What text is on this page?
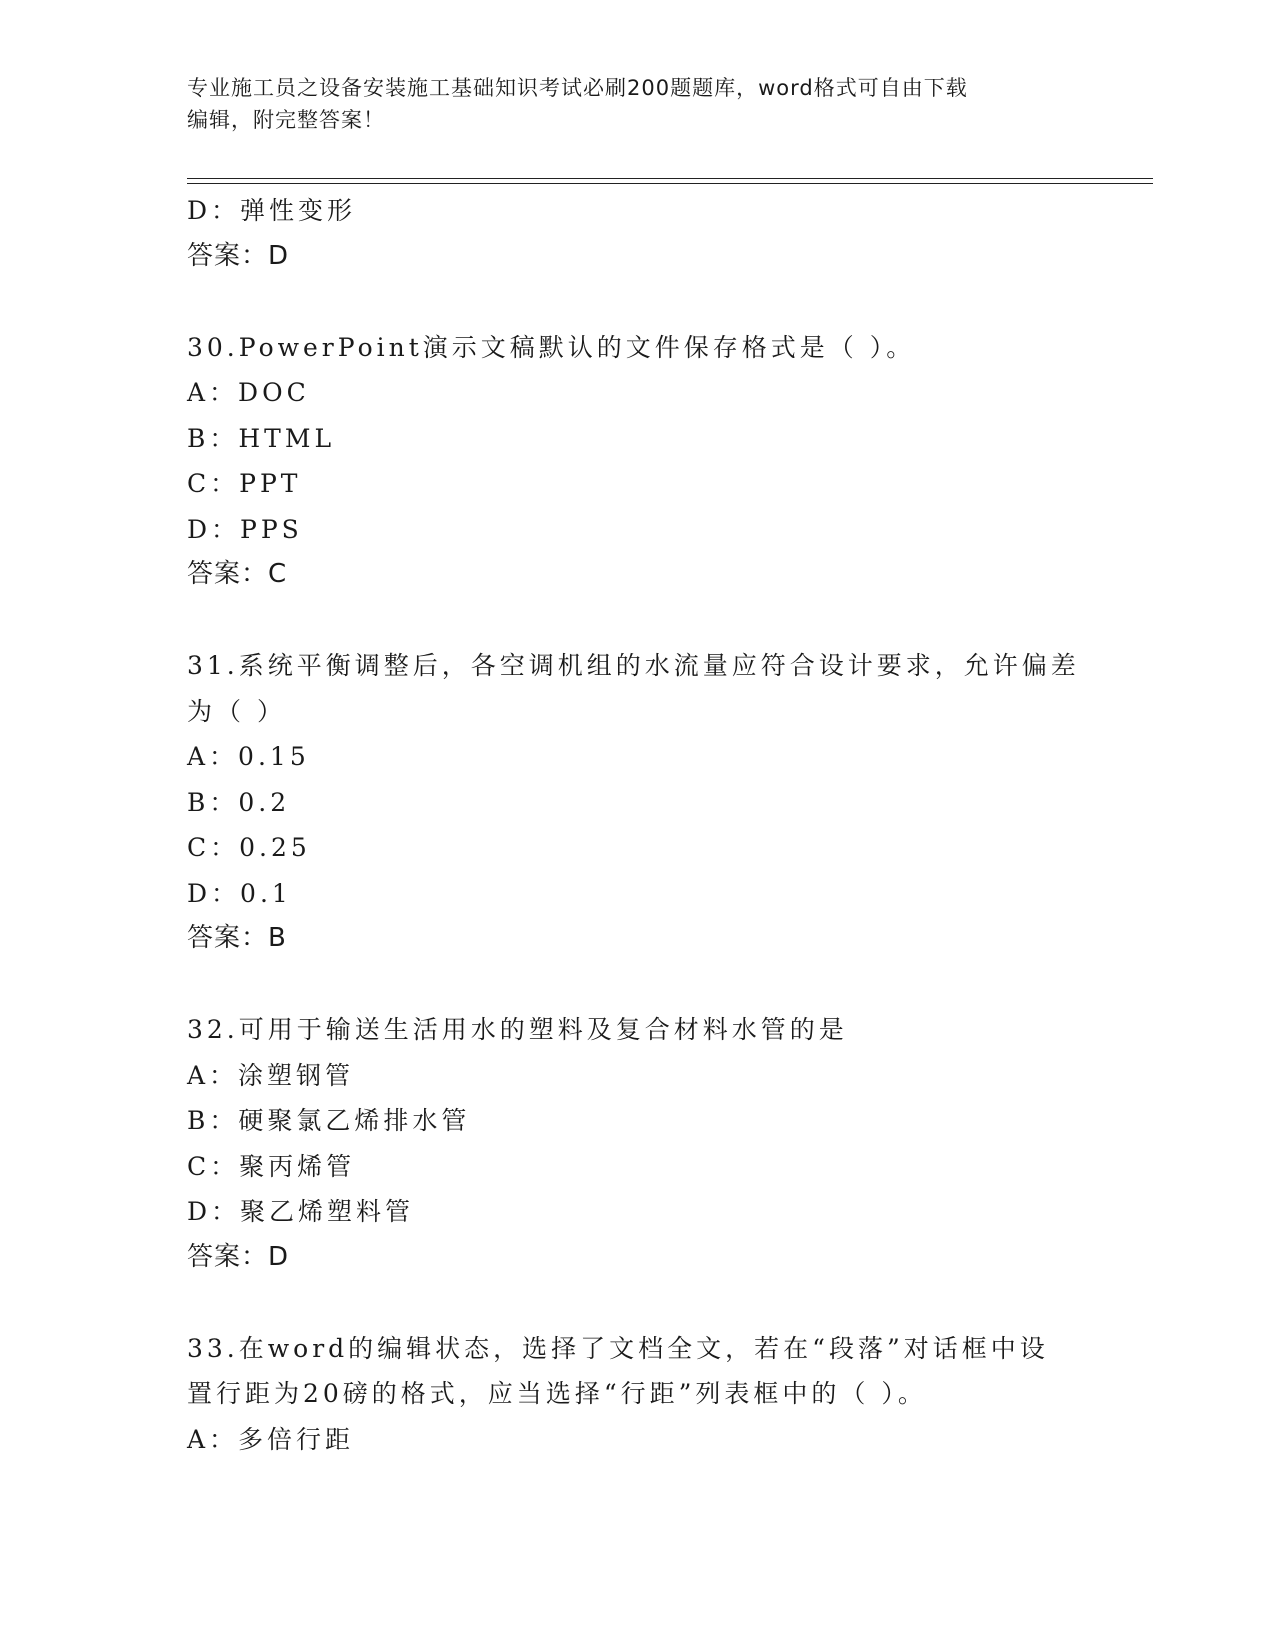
专业施工员之设备安装施工基础知识考试必刷200题题库，word格式可自由下载
编辑，附完整答案！
D：弹性变形
答案：D
30.PowerPoint演示文稿默认的文件保存格式是（ ）。
A：DOC
B：HTML
C：PPT
D：PPS
答案：C
31.系统平衡调整后，各空调机组的水流量应符合设计要求，允许偏差
为（ ）
A：0.15
B：0.2
C：0.25
D：0.1
答案：B
32.可用于输送生活用水的塑料及复合材料水管的是
A：涂塑钢管
B：硬聚氯乙烯排水管
C：聚丙烯管
D：聚乙烯塑料管
答案：D
33.在word的编辑状态，选择了文档全文，若在“段落”对话框中设
置行距为20磅的格式，应当选择“行距”列表框中的（ ）。
A：多倍行距
